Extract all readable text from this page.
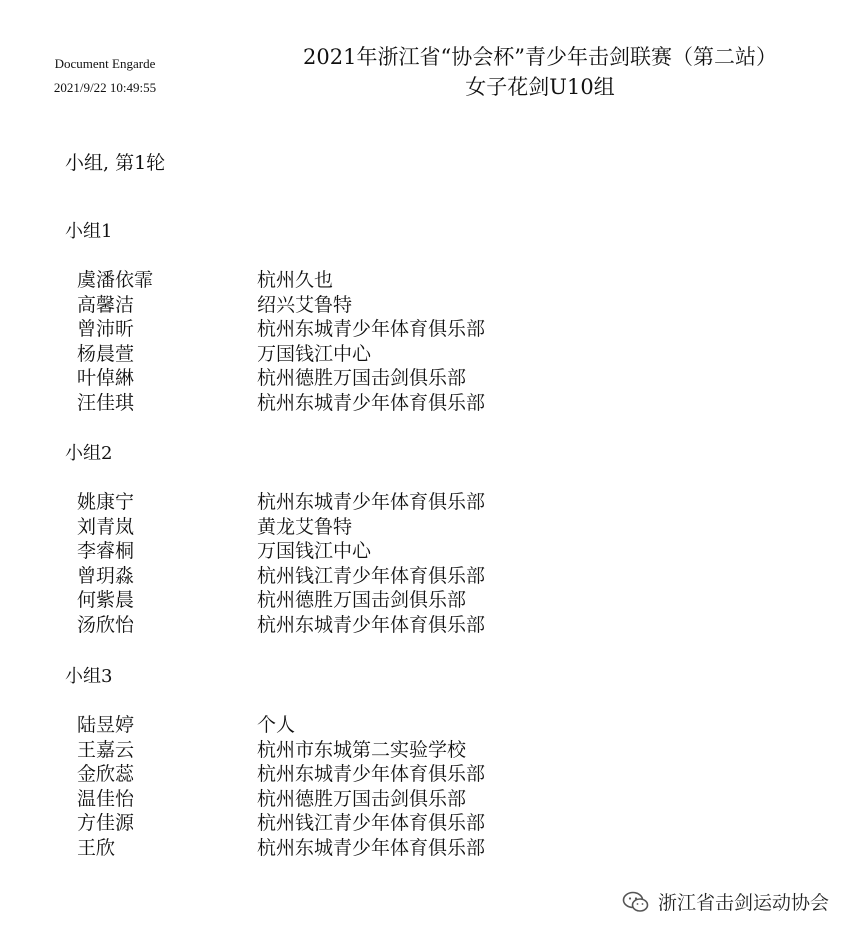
Document Engarde
2021/9/22 10:49:55
2021年浙江省“协会杯”青少年击剑联赛（第二站）
女子花剑U10组
小组, 第1轮
小组1
虞潘依霏	杭州久也
高馨洁	绍兴艾鲁特
曾沛昕	杭州东城青少年体育俱乐部
杨晨萱	万国钱江中心
叶倬綝	杭州德胜万国击剑俱乐部
汪佳琪	杭州东城青少年体育俱乐部
小组2
姚康宁	杭州东城青少年体育俱乐部
刘青岚	黄龙艾鲁特
李睿桐	万国钱江中心
曾玥淼	杭州钱江青少年体育俱乐部
何紫晨	杭州德胜万国击剑俱乐部
汤欣怡	杭州东城青少年体育俱乐部
小组3
陆昱婷	个人
王嘉云	杭州市东城第二实验学校
金欣蕊	杭州东城青少年体育俱乐部
温佳怡	杭州德胜万国击剑俱乐部
方佳源	杭州钱江青少年体育俱乐部
王欣	杭州东城青少年体育俱乐部
浙江省击剑运动协会
